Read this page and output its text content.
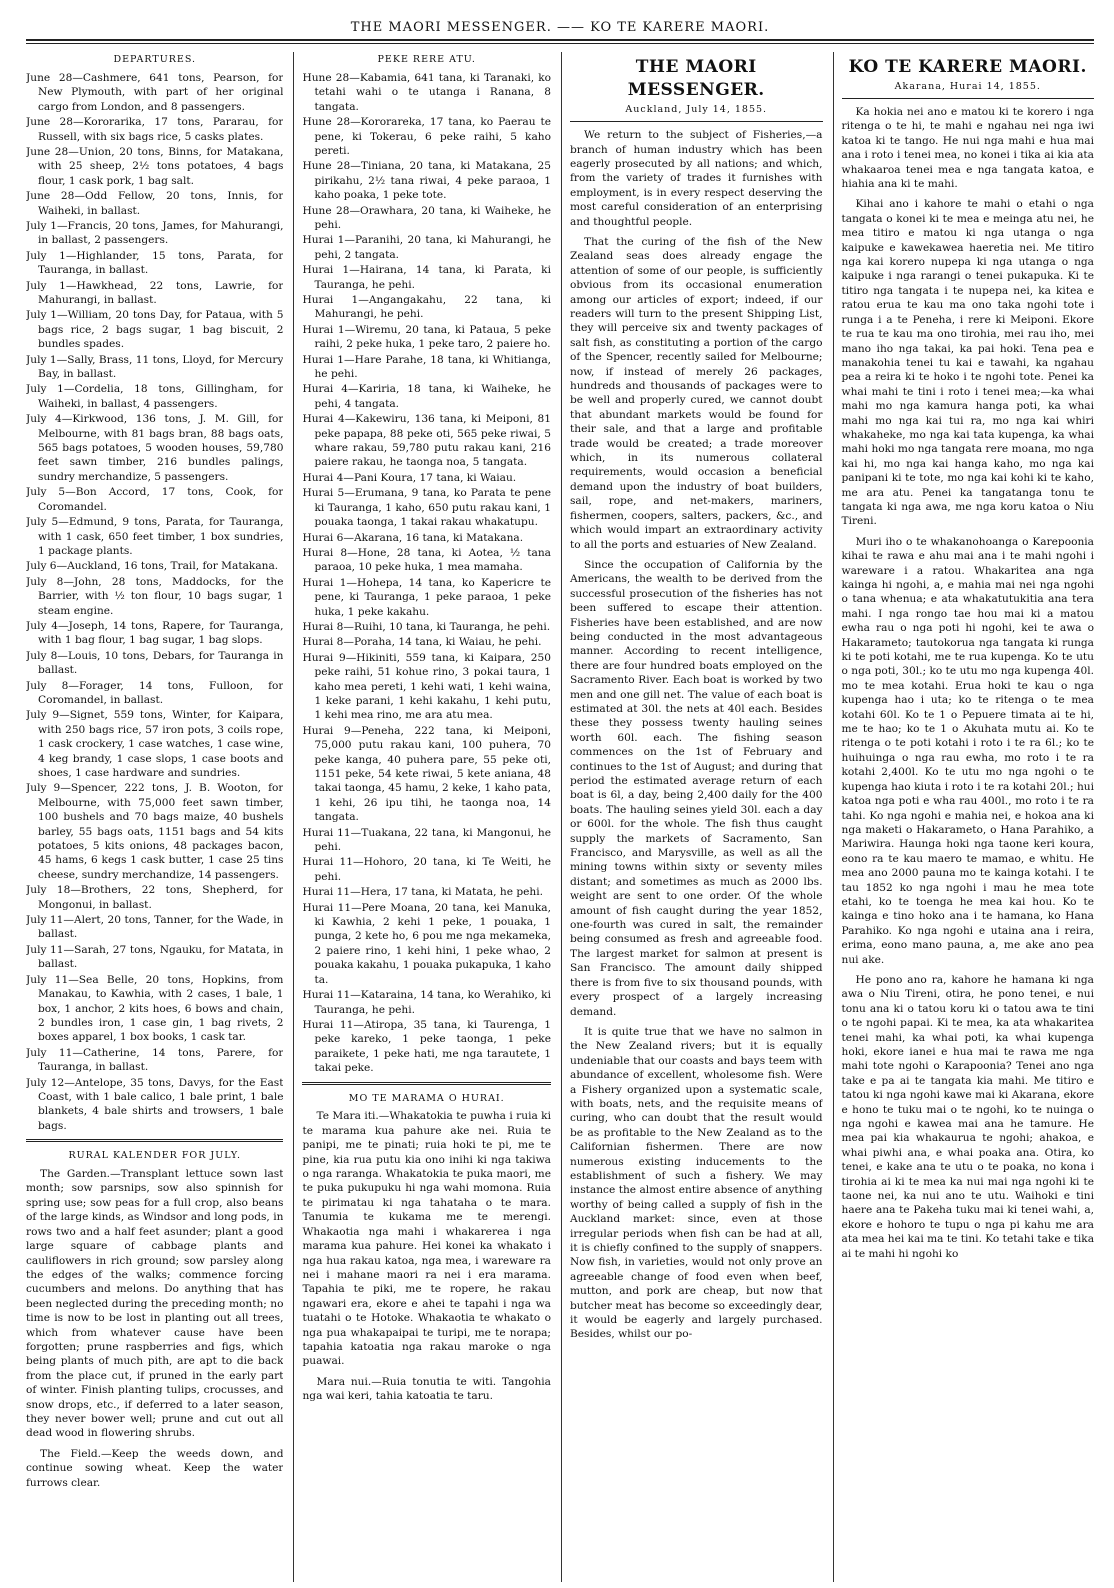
THE MAORI MESSENGER. —— KO TE KARERE MAORI.
DEPARTURES.

June 28—Cashmere, 641 tons, Pearson, for New Plymouth, with part of her original cargo from London, and 8 passengers.

June 28—Kororarika, 17 tons, Pararau, for Russell, with six bags rice, 5 casks plates.

June 28—Union, 20 tons, Binns, for Matakana, with 25 sheep, 2½ tons potatoes, 4 bags flour, 1 cask pork, 1 bag salt.

June 28—Odd Fellow, 20 tons, Innis, for Waiheki, in ballast.

July 1—Francis, 20 tons, James, for Mahurangi, in ballast, 2 passengers.

July 1—Highlander, 15 tons, Parata, for Tauranga, in ballast.

July 1—Hawkhead, 22 tons, Lawrie, for Mahurangi, in ballast.

July 1—William, 20 tons Day, for Pataua, with 5 bags rice, 2 bags sugar, 1 bag biscuit, 2 bundles spades.

July 1—Sally, Brass, 11 tons, Lloyd, for Mercury Bay, in ballast.

July 1—Cordelia, 18 tons, Gillingham, for Waiheki, in ballast, 4 passengers.

July 4—Kirkwood, 136 tons, J. M. Gill, for Melbourne, with 81 bags bran, 88 bags oats, 565 bags potatoes, 5 wooden houses, 59,780 feet sawn timber, 216 bundles palings, sundry merchandize, 5 passengers.

July 5—Bon Accord, 17 tons, Cook, for Coromandel.

July 5—Edmund, 9 tons, Parata, for Tauranga, with 1 cask, 650 feet timber, 1 box sundries, 1 package plants.

July 6—Auckland, 16 tons, Trail, for Matakana.

July 8—John, 28 tons, Maddocks, for the Barrier, with ½ ton flour, 10 bags sugar, 1 steam engine.

July 4—Joseph, 14 tons, Rapere, for Tauranga, with 1 bag flour, 1 bag sugar, 1 bag slops.

July 8—Louis, 10 tons, Debars, for Tauranga in ballast.

July 8—Forager, 14 tons, Fulloon, for Coromandel, in ballast.

July 9—Signet, 559 tons, Winter, for Kaipara, with 250 bags rice, 57 iron pots, 3 coils rope, 1 cask crockery, 1 case watches, 1 case wine, 4 keg brandy, 1 case slops, 1 case boots and shoes, 1 case hardware and sundries.

July 9—Spencer, 222 tons, J. B. Wooton, for Melbourne, with 75,000 feet sawn timber, 100 bushels and 70 bags maize, 40 bushels barley, 55 bags oats, 1151 bags and 54 kits potatoes, 5 kits onions, 48 packages bacon, 45 hams, 6 kegs 1 cask butter, 1 case 25 tins cheese, sundry merchandize, 14 passengers.

July 18—Brothers, 22 tons, Shepherd, for Mongonui, in ballast.

July 11—Alert, 20 tons, Tanner, for the Wade, in ballast.

July 11—Sarah, 27 tons, Ngauku, for Matata, in ballast.

July 11—Sea Belle, 20 tons, Hopkins, from Manakau, to Kawhia, with 2 cases, 1 bale, 1 box, 1 anchor, 2 kits hoes, 6 bows and chain, 2 bundles iron, 1 case gin, 1 bag rivets, 2 boxes apparel, 1 box books, 1 cask tar.

July 11—Catherine, 14 tons, Parere, for Tauranga, in ballast.

July 12—Antelope, 35 tons, Davys, for the East Coast, with 1 bale calico, 1 bale print, 1 bale blankets, 4 bale shirts and trowsers, 1 bale bags.

RURAL KALENDER FOR JULY.

The Garden.—Transplant lettuce sown last month; sow parsnips, sow also spinnish for spring use; sow peas for a full crop, also beans of the large kinds, as Windsor and long pods, in rows two and a half feet asunder; plant a good large square of cabbage plants and cauliflowers in rich ground; sow parsley along the edges of the walks; commence forcing cucumbers and melons. Do anything that has been neglected during the preceding month; no time is now to be lost in planting out all trees, which from whatever cause have been forgotten; prune raspberries and figs, which being plants of much pith, are apt to die back from the place cut, if pruned in the early part of winter. Finish planting tulips, crocusses, and snow drops, etc., if deferred to a later season, they never bower well; prune and cut out all dead wood in flowering shrubs.

The Field.—Keep the weeds down, and continue sowing wheat. Keep the water furrows clear.

PEKE RERE ATU.

Hune 28—Kabamia, 641 tana, ki Taranaki, ko tetahi wahi o te utanga i Ranana, 8 tangata.

Hune 28—Kororareka, 17 tana, ko Paerau te pene, ki Tokerau, 6 peke raihi, 5 kaho pereti.

Hune 28—Tiniana, 20 tana, ki Matakana, 25 pirikahu, 2½ tana riwai, 4 peke paraoa, 1 kaho poaka, 1 peke tote.

Hune 28—Orawhara, 20 tana, ki Waiheke, he pehi.

Hurai 1—Paranihi, 20 tana, ki Mahurangi, he pehi, 2 tangata.

Hurai 1—Hairana, 14 tana, ki Parata, ki Tauranga, he pehi.

Hurai 1—Angangakahu, 22 tana, ki Mahurangi, he pehi.

Hurai 1—Wiremu, 20 tana, ki Pataua, 5 peke raihi, 2 peke huka, 1 peke taro, 2 paiere ho.

Hurai 1—Hare Parahe, 18 tana, ki Whitianga, he pehi.

Hurai 4—Kariria, 18 tana, ki Waiheke, he pehi, 4 tangata.

Hurai 4—Kakewiru, 136 tana, ki Meiponi, 81 peke papapa, 88 peke oti, 565 peke riwai, 5 whare rakau, 59,780 putu rakau kani, 216 paiere rakau, he taonga noa, 5 tangata.

Hurai 4—Pani Koura, 17 tana, ki Waiau.

Hurai 5—Erumana, 9 tana, ko Parata te pene ki Tauranga, 1 kaho, 650 putu rakau kani, 1 pouaka taonga, 1 takai rakau whakatupu.

Hurai 6—Akarana, 16 tana, ki Matakana.

Hurai 8—Hone, 28 tana, ki Aotea, ½ tana paraoa, 10 peke huka, 1 mea mamaha.

Hurai 1—Hohepa, 14 tana, ko Kapericre te pene, ki Tauranga, 1 peke paraoa, 1 peke huka, 1 peke kakahu.

Hurai 8—Ruihi, 10 tana, ki Tauranga, he pehi.

Hurai 8—Poraha, 14 tana, ki Waiau, he pehi.

Hurai 9—Hikiniti, 559 tana, ki Kaipara, 250 peke raihi, 51 kohue rino, 3 pokai taura, 1 kaho mea pereti, 1 kehi wati, 1 kehi waina, 1 keke parani, 1 kehi kakahu, 1 kehi putu, 1 kehi mea rino, me ara atu mea.

Hurai 9—Peneha, 222 tana, ki Meiponi, 75,000 putu rakau kani, 100 puhera, 70 peke kanga, 40 puhera pare, 55 peke oti, 1151 peke, 54 kete riwai, 5 kete aniana, 48 takai taonga, 45 hamu, 2 keke, 1 kaho pata, 1 kehi, 26 ipu tihi, he taonga noa, 14 tangata.

Hurai 11—Tuakana, 22 tana, ki Mangonui, he pehi.

Hurai 11—Hohoro, 20 tana, ki Te Weiti, he pehi.

Hurai 11—Hera, 17 tana, ki Matata, he pehi.

Hurai 11—Pere Moana, 20 tana, kei Manuka, ki Kawhia, 2 kehi 1 peke, 1 pouaka, 1 punga, 2 kete ho, 6 pou me nga mekameka, 2 paiere rino, 1 kehi hini, 1 peke whao, 2 pouaka kakahu, 1 pouaka pukapuka, 1 kaho ta.

Hurai 11—Kataraina, 14 tana, ko Werahiko, ki Tauranga, he pehi.

Hurai 11—Atiropa, 35 tana, ki Taurenga, 1 peke kareko, 1 peke taonga, 1 peke paraikete, 1 peke hati, me nga tarautete, 1 takai peke.

MO TE MARAMA O HURAI.

Te Mara iti.—Whakatokia te puwha i ruia ki te marama kua pahure ake nei. Ruia te panipi, me te pinati; ruia hoki te pi, me te pine, kia rua putu kia ono inihi ki nga takiwa o nga raranga. Whakatokia te puka maori, me te puka pukupuku hi nga wahi momona. Ruia te pirimatau ki nga tahataha o te mara. Tanumia te kukama me te merengi. Whakaotia nga mahi i whakarerea i nga marama kua pahure. Hei konei ka whakato i nga hua rakau katoa, nga mea, i wareware ra nei i mahane maori ra nei i era marama. Tapahia te piki, me te ropere, he rakau ngawari era, ekore e ahei te tapahi i nga wa tuatahi o te Hotoke. Whakaotia te whakato o nga pua whakapaipai te turipi, me te norapa; tapahia katoatia nga rakau maroke o nga puawai.

Mara nui.—Ruia tonutia te witi. Tangohia nga wai keri, tahia katoatia te taru.

THE MAORI MESSENGER.
Auckland, July 14, 1855.

We return to the subject of Fisheries,—a branch of human industry which has been eagerly prosecuted by all nations; and which, from the variety of trades it furnishes with employment, is in every respect deserving the most careful consideration of an enterprising and thoughtful people.

That the curing of the fish of the New Zealand seas does already engage the attention of some of our people, is sufficiently obvious from its occasional enumeration among our articles of export; indeed, if our readers will turn to the present Shipping List, they will perceive six and twenty packages of salt fish, as constituting a portion of the cargo of the Spencer, recently sailed for Melbourne; now, if instead of merely 26 packages, hundreds and thousands of packages were to be well and properly cured, we cannot doubt that abundant markets would be found for their sale, and that a large and profitable trade would be created; a trade moreover which, in its numerous collateral requirements, would occasion a beneficial demand upon the industry of boat builders, sail, rope, and net-makers, mariners, fishermen, coopers, salters, packers, &c., and which would impart an extraordinary activity to all the ports and estuaries of New Zealand.

Since the occupation of California by the Americans, the wealth to be derived from the successful prosecution of the fisheries has not been suffered to escape their attention. Fisheries have been established, and are now being conducted in the most advantageous manner. According to recent intelligence, there are four hundred boats employed on the Sacramento River. Each boat is worked by two men and one gill net. The value of each boat is estimated at 30l. the nets at 40l each. Besides these they possess twenty hauling seines worth 60l. each. The fishing season commences on the 1st of February and continues to the 1st of August; and during that period the estimated average return of each boat is 6l, a day, being 2,400 daily for the 400 boats. The hauling seines yield 30l. each a day or 600l. for the whole. The fish thus caught supply the markets of Sacramento, San Francisco, and Marysville, as well as all the mining towns within sixty or seventy miles distant; and sometimes as much as 2000 lbs. weight are sent to one order. Of the whole amount of fish caught during the year 1852, one-fourth was cured in salt, the remainder being consumed as fresh and agreeable food. The largest market for salmon at present is San Francisco. The amount daily shipped there is from five to six thousand pounds, with every prospect of a largely increasing demand.

It is quite true that we have no salmon in the New Zealand rivers; but it is equally undeniable that our coasts and bays teem with abundance of excellent, wholesome fish. Were a Fishery organized upon a systematic scale, with boats, nets, and the requisite means of curing, who can doubt that the result would be as profitable to the New Zealand as to the Californian fishermen. There are now numerous existing inducements to the establishment of such a fishery. We may instance the almost entire absence of anything worthy of being called a supply of fish in the Auckland market: since, even at those irregular periods when fish can be had at all, it is chiefly confined to the supply of snappers. Now fish, in varieties, would not only prove an agreeable change of food even when beef, mutton, and pork are cheap, but now that butcher meat has become so exceedingly dear, it would be eagerly and largely purchased. Besides, whilst our po-

KO TE KARERE MAORI.
Akarana, Hurai 14, 1855.

Ka hokia nei ano e matou ki te korero i nga ritenga o te hi, te mahi e ngahau nei nga iwi katoa ki te tango. He nui nga mahi e hua mai ana i roto i tenei mea, no konei i tika ai kia ata whakaaroa tenei mea e nga tangata katoa, e hiahia ana ki te mahi.

Kihai ano i kahore te mahi o etahi o nga tangata o konei ki te mea e meinga atu nei, he mea titiro e matou ki nga utanga o nga kaipuke e kawekawea haeretia nei. Me titiro nga kai korero nupepa ki nga utanga o nga kaipuke i nga rarangi o tenei pukapuka. Ki te titiro nga tangata i te nupepa nei, ka kitea e ratou erua te kau ma ono taka ngohi tote i runga i a te Peneha, i rere ki Meiponi. Ekore te rua te kau ma ono tirohia, mei rau iho, mei mano iho nga takai, ka pai hoki. Tena pea e manakohia tenei tu kai e tawahi, ka ngahau pea a reira ki te hoko i te ngohi tote. Penei ka whai mahi te tini i roto i tenei mea;—ka whai mahi mo nga kamura hanga poti, ka whai mahi mo nga kai tui ra, mo nga kai whiri whakaheke, mo nga kai tata kupenga, ka whai mahi hoki mo nga tangata rere moana, mo nga kai hi, mo nga kai hanga kaho, mo nga kai panipani ki te tote, mo nga kai kohi ki te kaho, me ara atu. Penei ka tangatanga tonu te tangata ki nga awa, me nga koru katoa o Niu Tireni.

Muri iho o te whakanohoanga o Karepoonia kihai te rawa e ahu mai ana i te mahi ngohi i wareware i a ratou. Whakaritea ana nga kainga hi ngohi, a, e mahia mai nei nga ngohi o tana whenua; e ata whakatutukitia ana tera mahi. I nga rongo tae hou mai ki a matou ewha rau o nga poti hi ngohi, kei te awa o Hakarameto; tautokorua nga tangata ki runga ki te poti kotahi, me te rua kupenga. Ko te utu o nga poti, 30l.; ko te utu mo nga kupenga 40l. mo te mea kotahi. Erua hoki te kau o nga kupenga hao i uta; ko te ritenga o te mea kotahi 60l. Ko te 1 o Pepuere timata ai te hi, me te hao; ko te 1 o Akuhata mutu ai. Ko te ritenga o te poti kotahi i roto i te ra 6l.; ko te huihuinga o nga rau ewha, mo roto i te ra kotahi 2,400l. Ko te utu mo nga ngohi o te kupenga hao kiuta i roto i te ra kotahi 20l.; hui katoa nga poti e wha rau 400l., mo roto i te ra tahi. Ko nga ngohi e mahia nei, e hokoa ana ki nga maketi o Hakarameto, o Hana Parahiko, a Mariwira. Haunga hoki nga taone keri koura, eono ra te kau maero te mamao, e whitu. He mea ano 2000 pauna mo te kainga kotahi. I te tau 1852 ko nga ngohi i mau he mea tote etahi, ko te toenga he mea kai hou. Ko te kainga e tino hoko ana i te hamana, ko Hana Parahiko. Ko nga ngohi e utaina ana i reira, erima, eono mano pauna, a, me ake ano pea nui ake.

He pono ano ra, kahore he hamana ki nga awa o Niu Tireni, otira, he pono tenei, e nui tonu ana ki o tatou koru ki o tatou awa te tini o te ngohi papai. Ki te mea, ka ata whakaritea tenei mahi, ka whai poti, ka whai kupenga hoki, ekore ianei e hua mai te rawa me nga mahi tote ngohi o Karapoonia? Tenei ano nga take e pa ai te tangata kia mahi. Me titiro e tatou ki nga ngohi kawe mai ki Akarana, ekore e hono te tuku mai o te ngohi, ko te nuinga o nga ngohi e kawea mai ana he tamure. He mea pai kia whakaurua te ngohi; ahakoa, e whai piwhi ana, e whai poaka ana. Otira, ko tenei, e kake ana te utu o te poaka, no kona i tirohia ai ki te mea ka nui mai nga ngohi ki te taone nei, ka nui ano te utu. Waihoki e tini haere ana te Pakeha tuku mai ki tenei wahi, a, ekore e hohoro te tupu o nga pi kahu me ara ata mea hei kai ma te tini. Ko tetahi take e tika ai te mahi hi ngohi ko
